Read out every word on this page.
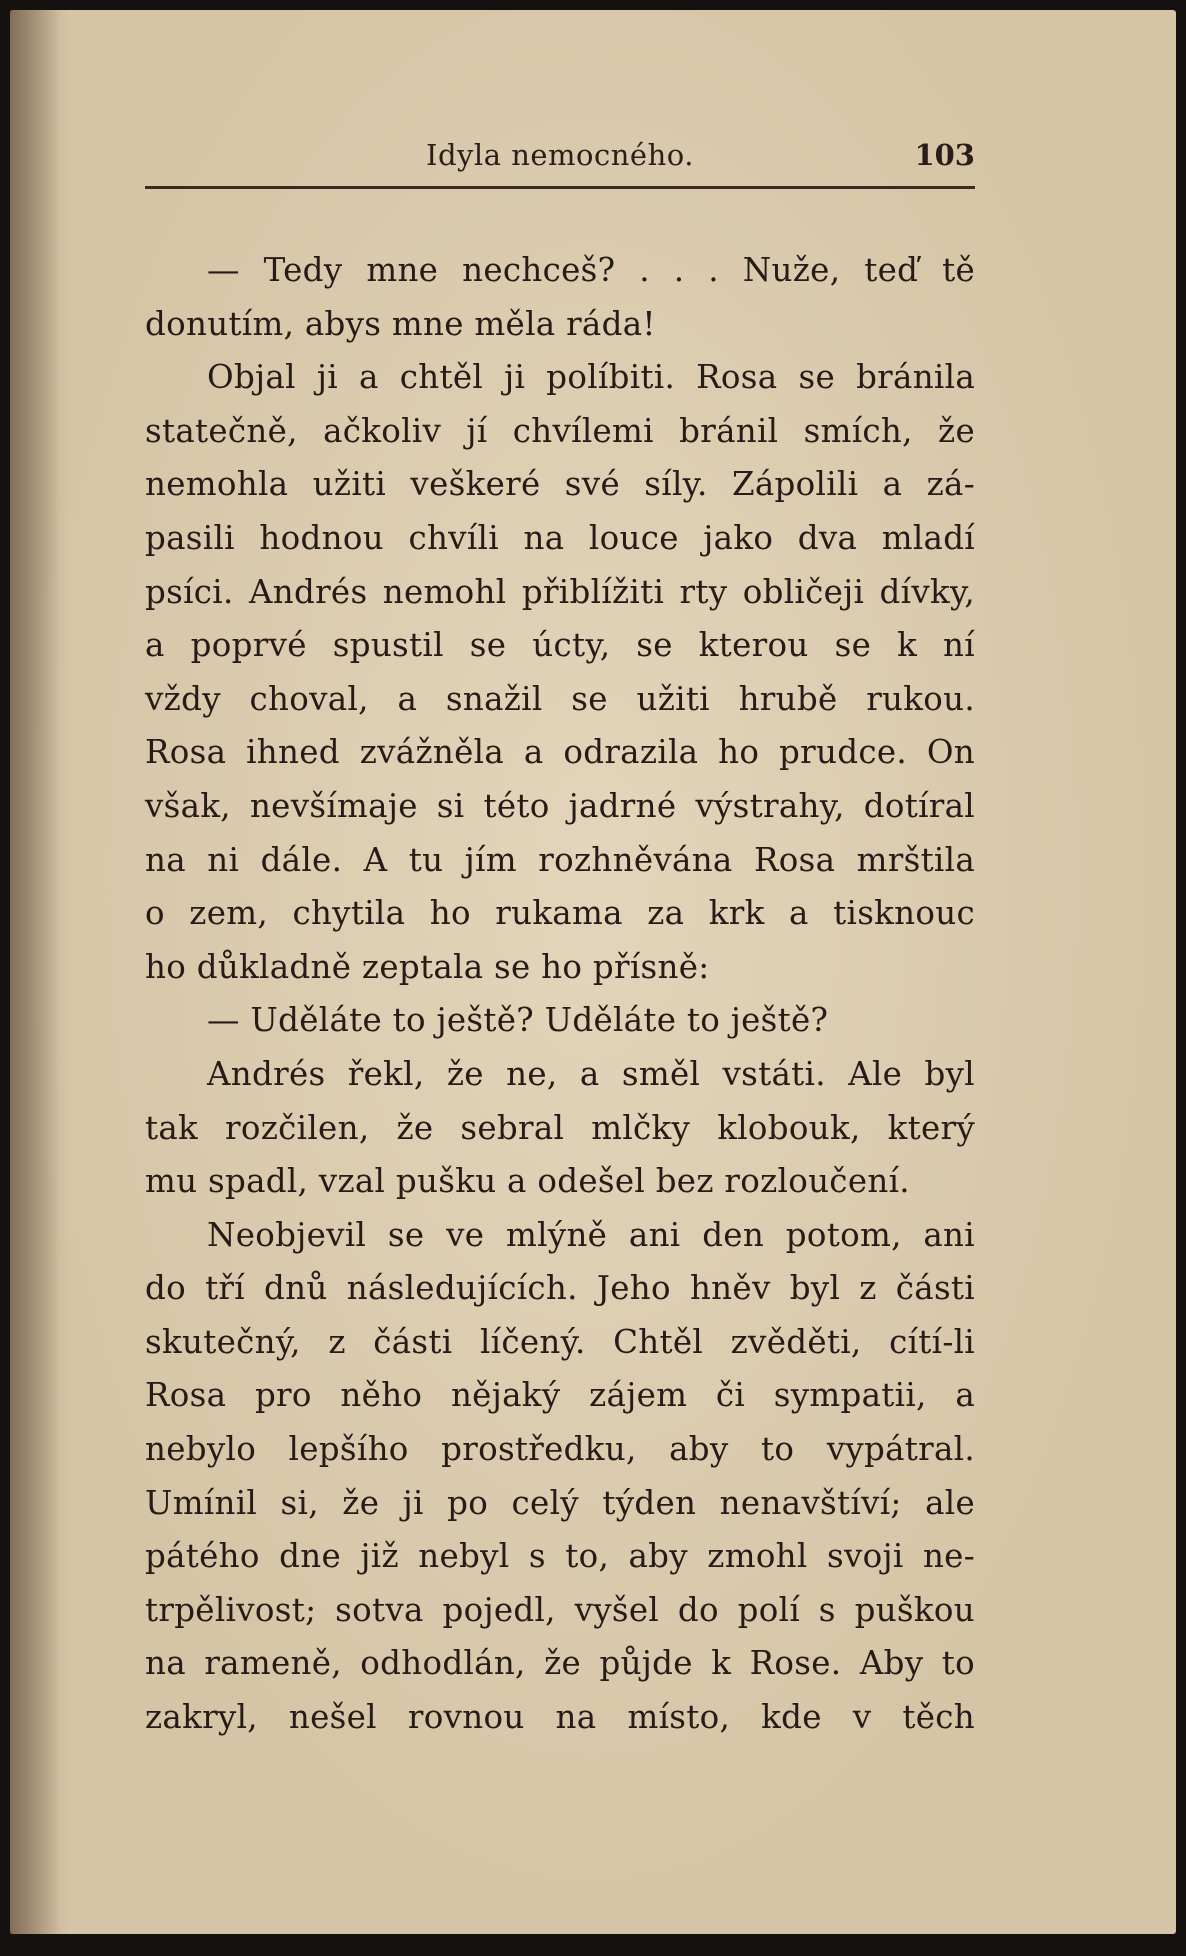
Idyla nemocného.	103
— Tedy mne nechceš? . . . Nuže, teď tě
donutím, abys mne měla ráda!
Objal ji a chtěl ji políbiti. Rosa se bránila
statečně, ačkoliv jí chvílemi bránil smích, že
nemohla užiti veškeré své síly. Zápolili a zá-
pasili hodnou chvíli na louce jako dva mladí
psíci. Andrés nemohl přiblížiti rty obličeji dívky,
a poprvé spustil se úcty, se kterou se k ní
vždy choval, a snažil se užiti hrubě rukou.
Rosa ihned zvážněla a odrazila ho prudce. On
však, nevšímaje si této jadrné výstrahy, dotíral
na ni dále. A tu jím rozhněvána Rosa mrštila
o zem, chytila ho rukama za krk a tisknouc
ho důkladně zeptala se ho přísně:
— Uděláte to ještě? Uděláte to ještě?
Andrés řekl, že ne, a směl vstáti. Ale byl
tak rozčilen, že sebral mlčky klobouk, který
mu spadl, vzal pušku a odešel bez rozloučení.
Neobjevil se ve mlýně ani den potom, ani
do tří dnů následujících. Jeho hněv byl z části
skutečný, z části líčený. Chtěl zvěděti, cítí-li
Rosa pro něho nějaký zájem či sympatii, a
nebylo lepšího prostředku, aby to vypátral.
Umínil si, že ji po celý týden nenavštíví; ale
pátého dne již nebyl s to, aby zmohl svoji ne-
trpělivost; sotva pojedl, vyšel do polí s puškou
na rameně, odhodlán, že půjde k Rose. Aby to
zakryl, nešel rovnou na místo, kde v těch
